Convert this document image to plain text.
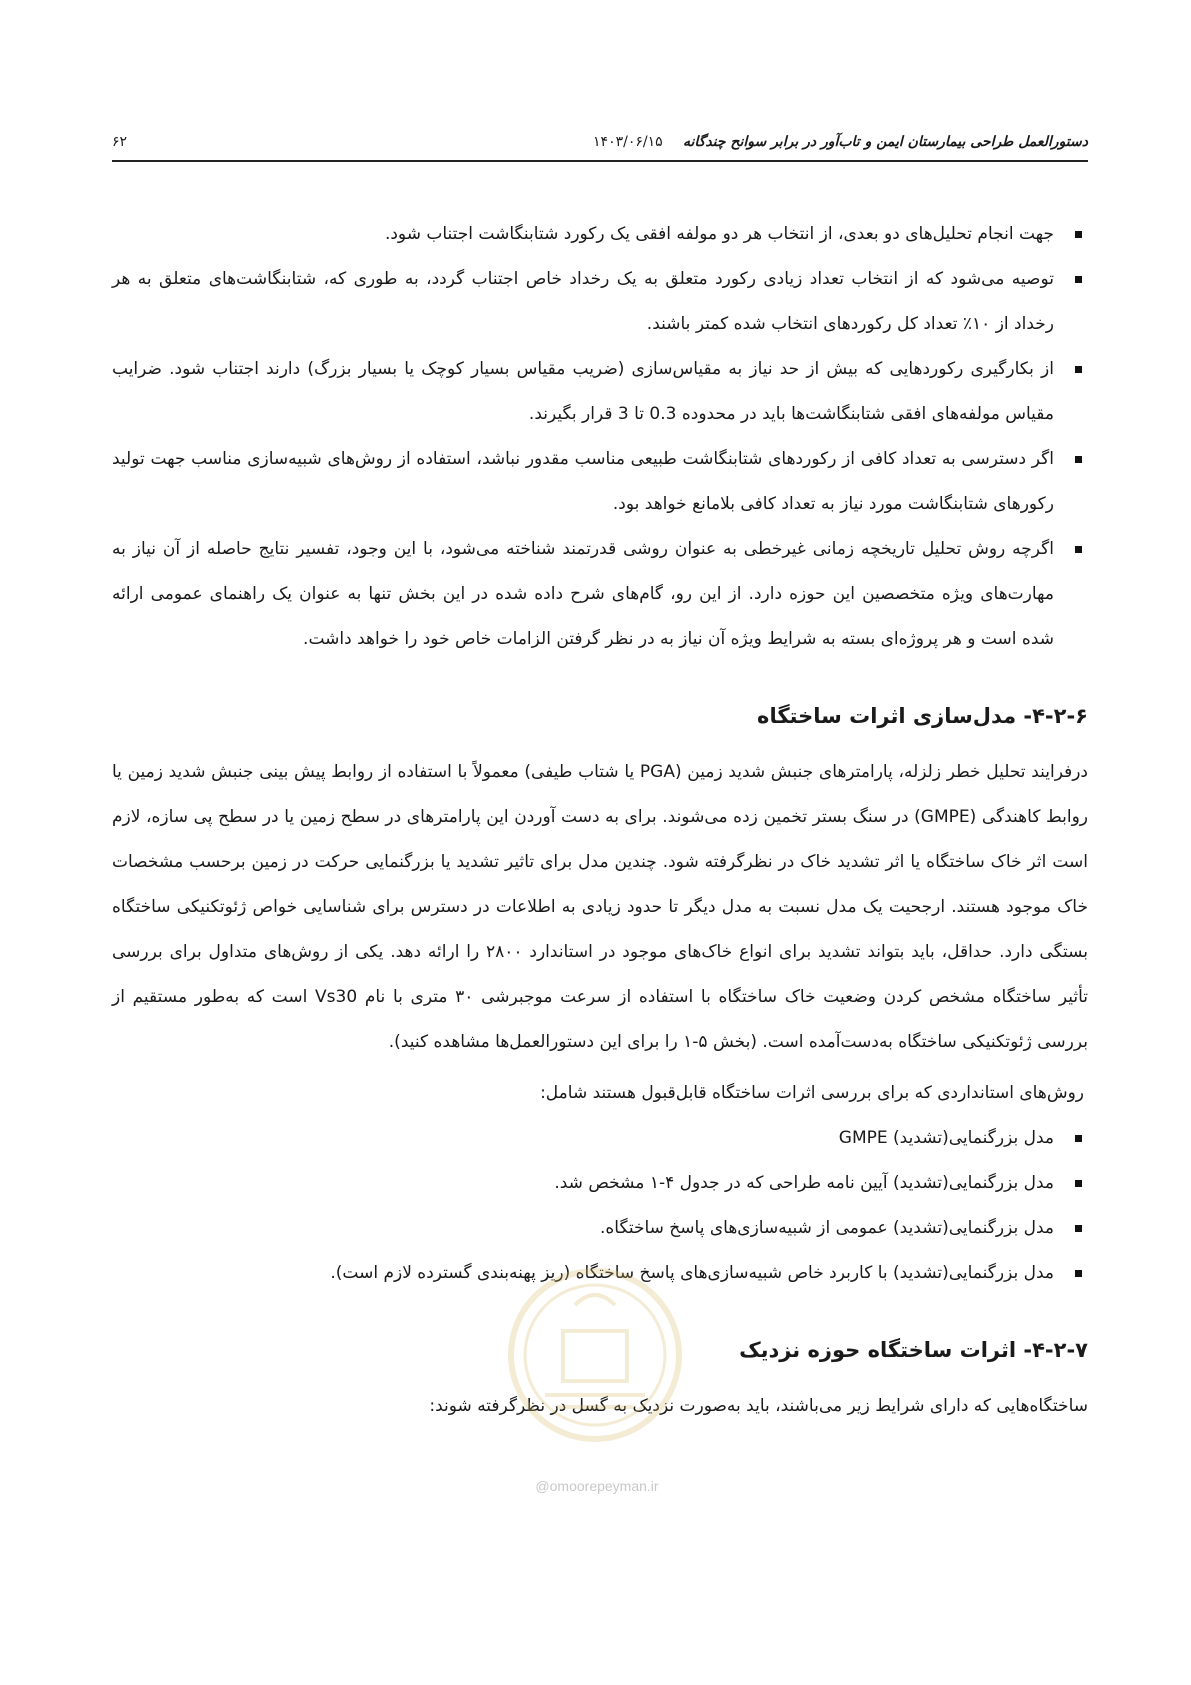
دستورالعمل طراحی بیمارستان ایمن و تاب‌آور در برابر سوانح چندگانه
۱۴۰۳/۰۶/۱۵
۶۲
جهت انجام تحلیل‌های دو بعدی، از انتخاب هر دو مولفه افقی یک رکورد شتابنگاشت اجتناب شود.
توصیه می‌شود که از انتخاب تعداد زیادی رکورد متعلق به یک رخداد خاص اجتناب گردد، به طوری که، شتابنگاشت‌های متعلق به هر رخداد از ۱۰٪ تعداد کل رکوردهای انتخاب شده کمتر باشند.
از بکارگیری رکوردهایی که بیش از حد نیاز به مقیاس‌سازی (ضریب مقیاس بسیار کوچک یا بسیار بزرگ) دارند اجتناب شود. ضرایب مقیاس مولفه‌های افقی شتابنگاشت‌ها باید در محدوده 0.3 تا 3 قرار بگیرند.
اگر دسترسی به تعداد کافی از رکوردهای شتابنگاشت طبیعی مناسب مقدور نباشد، استفاده از روش‌های شبیه‌سازی مناسب جهت تولید رکورهای شتابنگاشت مورد نیاز به تعداد کافی بلامانع خواهد بود.
اگرچه روش تحلیل تاریخچه زمانی غیرخطی به عنوان روشی قدرتمند شناخته می‌شود، با این وجود، تفسیر نتایج حاصله از آن نیاز به مهارت‌های ویژه متخصصین این حوزه دارد. از این رو، گام‌های شرح داده شده در این بخش تنها به عنوان یک راهنمای عمومی ارائه شده است و هر پروژه‌ای بسته به شرایط ویژه آن نیاز به در نظر گرفتن الزامات خاص خود را خواهد داشت.
۴-۲-۶- مدل‌سازی اثرات ساختگاه

درفرایند تحلیل خطر زلزله، پارامترهای جنبش شدید زمین (PGA یا شتاب طیفی) معمولاً با استفاده از روابط پیش بینی جنبش شدید زمین یا روابط کاهندگی (GMPE) در سنگ بستر تخمین زده می‌شوند. برای به دست آوردن این پارامترهای در سطح زمین یا در سطح پی سازه، لازم است اثر خاک ساختگاه یا اثر تشدید خاک در نظرگرفته شود. چندین مدل برای تاثیر تشدید یا بزرگنمایی حرکت در زمین برحسب مشخصات خاک موجود هستند. ارجحیت یک مدل نسبت به مدل دیگر تا حدود زیادی به اطلاعات در دسترس برای شناسایی خواص ژئوتکنیکی ساختگاه بستگی دارد. حداقل، باید بتواند تشدید برای انواع خاک‌های موجود در استاندارد ۲۸۰۰ را ارائه دهد. یکی از روش‌های متداول برای بررسی تأثیر ساختگاه مشخص کردن وضعیت خاک ساختگاه با استفاده از سرعت موجبرشی ۳۰ متری با نام Vs30 است که به‌طور مستقیم از بررسی ژئوتکنیکی ساختگاه به‌دست‌آمده است. (بخش ۵-۱ را برای این دستورالعمل‌ها مشاهده کنید).

روش‌های استانداردی که برای بررسی اثرات ساختگاه قابل‌قبول هستند شامل:

مدل بزرگنمایی(تشدید) GMPE
مدل بزرگنمایی(تشدید) آیین نامه طراحی که در جدول ۴-۱ مشخص شد.
مدل بزرگنمایی(تشدید) عمومی از شبیه‌سازی‌های پاسخ ساختگاه.
مدل بزرگنمایی(تشدید) با کاربرد خاص شبیه‌سازی‌های پاسخ ساختگاه (ریز پهنه‌بندی گسترده لازم است).
۴-۲-۷- اثرات ساختگاه حوزه نزدیک

ساختگاه‌هایی که دارای شرایط زیر می‌باشند، باید به‌صورت نزدیک به گسل در نظرگرفته شوند:

@omoorepeyman.ir
